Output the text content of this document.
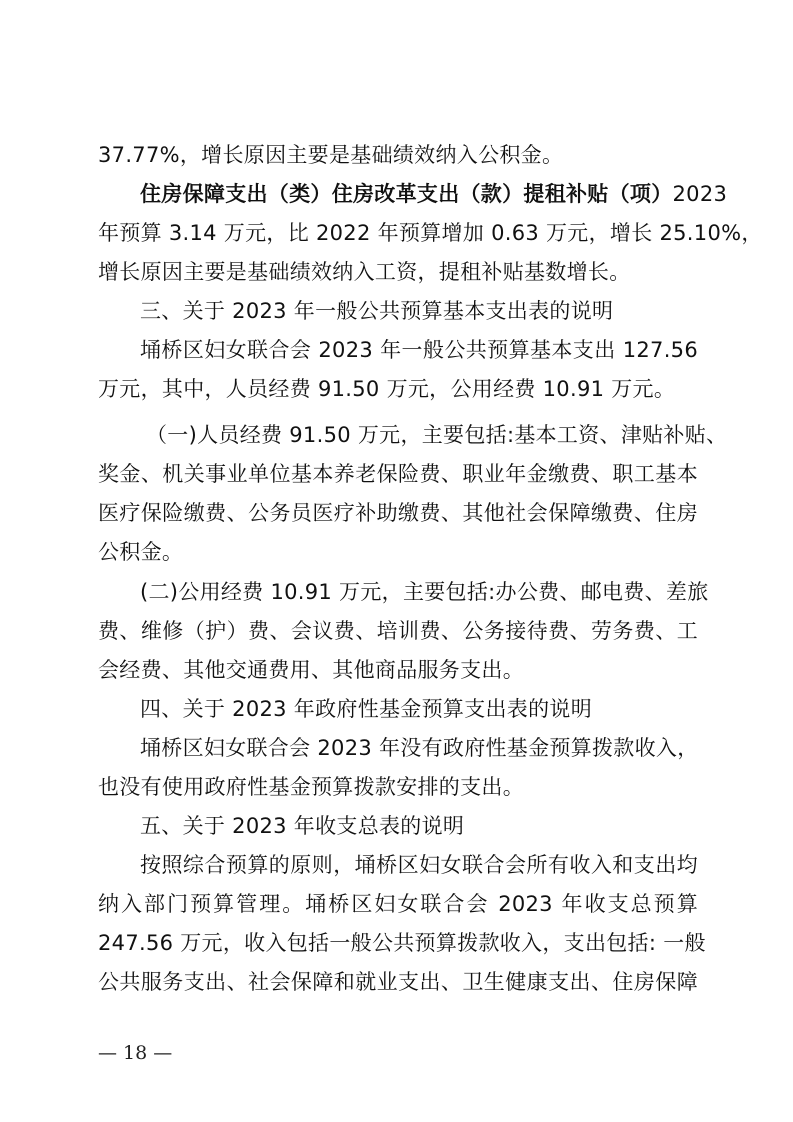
37.77%，增长原因主要是基础绩效纳入公积金。
住房保障支出（类）住房改革支出（款）提租补贴（项）2023
年预算 3.14 万元，比 2022 年预算增加 0.63 万元，增长 25.10%，
增长原因主要是基础绩效纳入工资，提租补贴基数增长。
三、关于 2023 年一般公共预算基本支出表的说明
埇桥区妇女联合会 2023 年一般公共预算基本支出 127.56
万元，其中，人员经费 91.50 万元，公用经费 10.91 万元。
（一)人员经费 91.50 万元，主要包括:基本工资、津贴补贴、
奖金、机关事业单位基本养老保险费、职业年金缴费、职工基本
医疗保险缴费、公务员医疗补助缴费、其他社会保障缴费、住房
公积金。
(二)公用经费 10.91 万元，主要包括:办公费、邮电费、差旅
费、维修（护）费、会议费、培训费、公务接待费、劳务费、工
会经费、其他交通费用、其他商品服务支出。
四、关于 2023 年政府性基金预算支出表的说明
埇桥区妇女联合会 2023 年没有政府性基金预算拨款收入，
也没有使用政府性基金预算拨款安排的支出。
五、关于 2023 年收支总表的说明
按照综合预算的原则，埇桥区妇女联合会所有收入和支出均
纳入部门预算管理。埇桥区妇女联合会 2023 年收支总预算
247.56 万元，收入包括一般公共预算拨款收入，支出包括: 一般
公共服务支出、社会保障和就业支出、卫生健康支出、住房保障
— 18 —
